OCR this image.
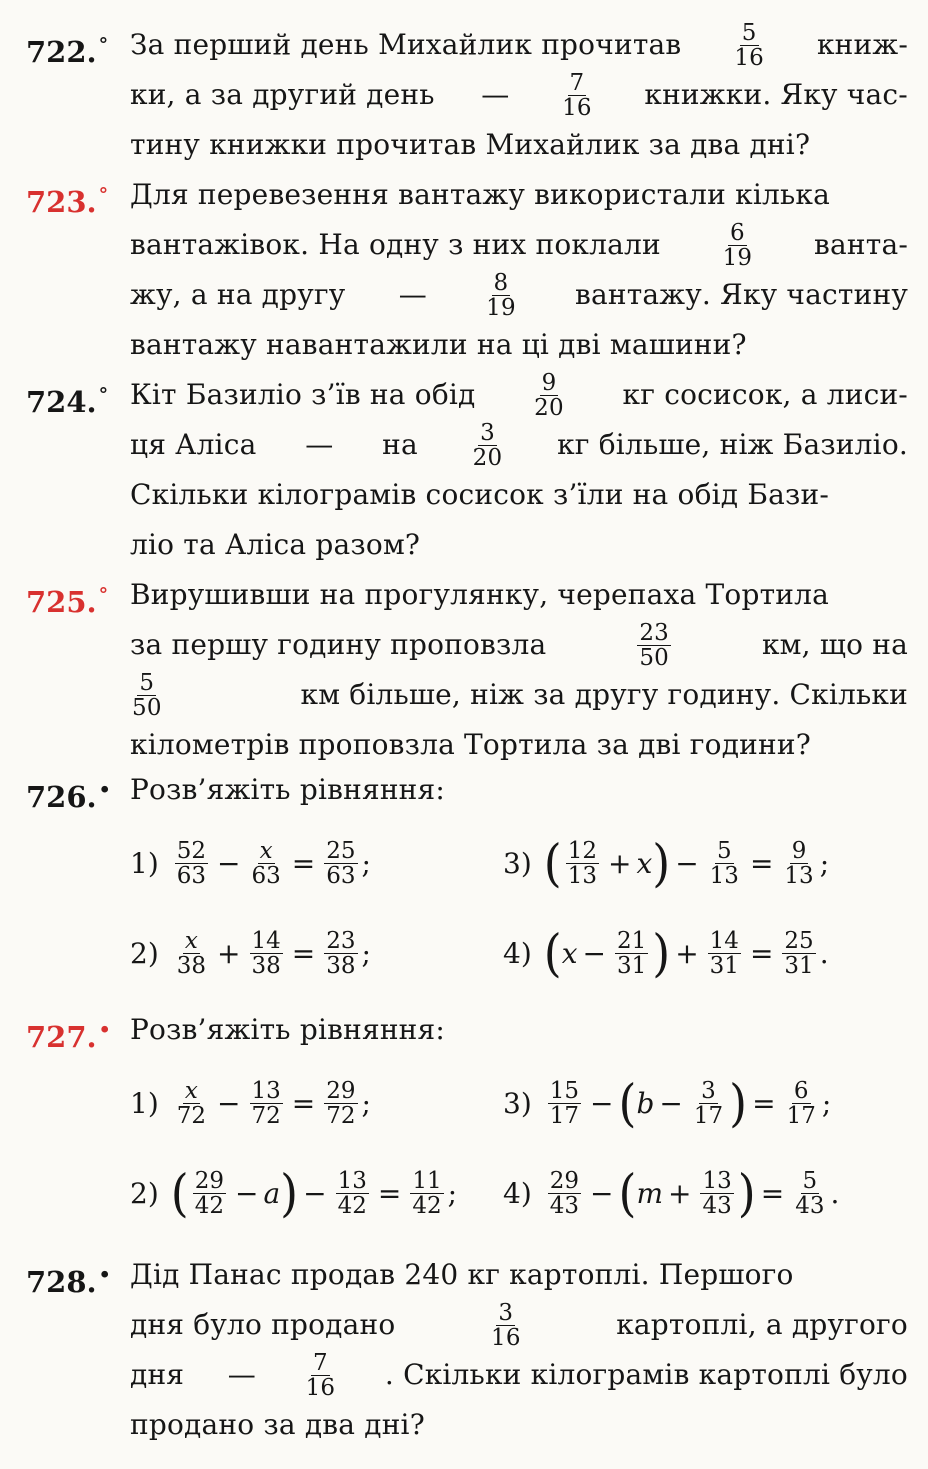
722. ° За перший день Михайлик прочитав $\frac{5}{16}$ книж-
ки, а за другий день — $\frac{7}{16}$ книжки. Яку час-
тину книжки прочитав Михайлик за два дні?
723. ° Для перевезення вантажу використали кілька
вантажівок. На одну з них поклали	$\frac{6}{19}$ ванта-
жу, а на другу — $\frac{8}{19}$ вантажу. Яку частину
вантажу навантажили на ці дві машини?
724. ° Кіт Базиліо з’їв на обід $\frac{9}{20}$ кг сосисок, а лиси-
ця Аліса — на $\frac{3}{20}$ кг більше, ніж Базиліо.
Скільки кілограмів сосисок з’їли на обід Бази-
ліо та Аліса разом?
725. ° Вирушивши на прогулянку, черепаха Тортила
за першу годину проповзла	$\frac{23}{50}$	км, що на
$\frac{5}{50}$	км більше, ніж за другу годину. Скільки
кілометрів проповзла Тортила за дві години?
726. • Розв’яжіть рівняння:
$1) \frac{52}{63} - \frac{x}{63} = \frac{25}{63}$ ;
$2) \frac{x}{38} + \frac{14}{38} = \frac{23}{38}$ ;
3) ( $\frac{12}{13} + x$ ) − $\frac{5}{13} = \frac{9}{13}$ ;
4) ( $x - \frac{21}{31}$ ) + $\frac{14}{31} = \frac{25}{31}$ .
727. • Розв’яжіть рівняння:
$1) \frac{x}{72} - \frac{13}{72} = \frac{29}{72}$ ;
2) ( $\frac{29}{42} - a$ ) − $\frac{13}{42} = \frac{11}{42}$ ;
$3) \frac{15}{17}$ − ( $b - \frac{3}{17}$ ) = $\frac{6}{17}$ ;
$4) \frac{29}{43}$ − ( $m + \frac{13}{43}$ ) = $\frac{5}{43}$ .
728. • Дід Панас продав 240 кг картоплі. Першого
дня було продано	$\frac{3}{16}$	картоплі, а другого
дня — $\frac{7}{16}$ . Скільки кілограмів картоплі було
продано за два дні?
